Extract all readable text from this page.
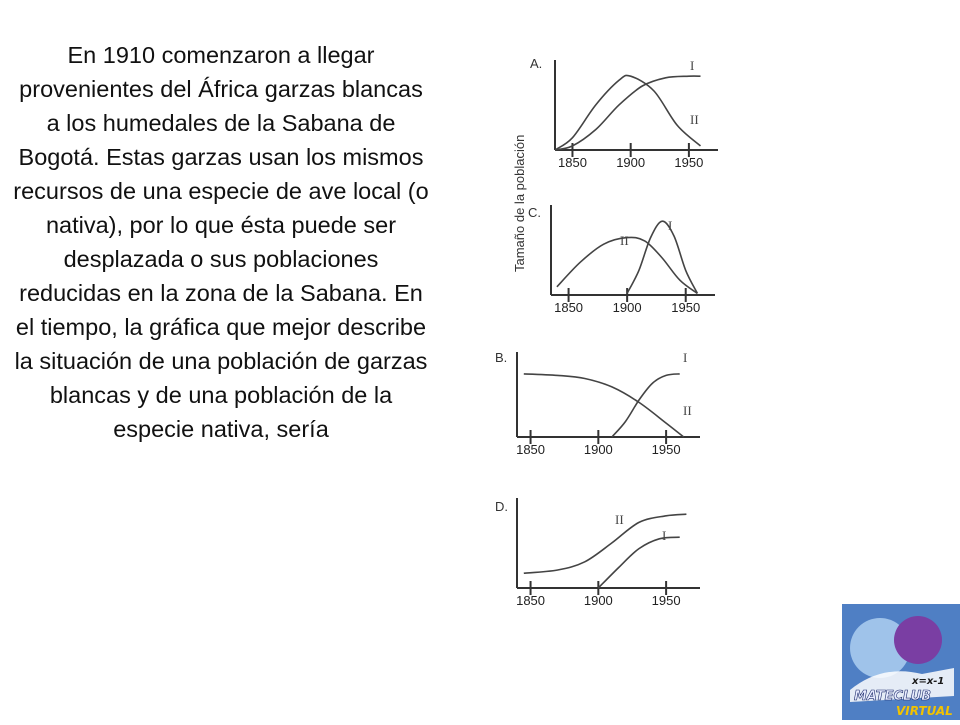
En 1910 comenzaron a llegar provenientes del África garzas blancas a los humedales de la Sabana de Bogotá. Estas garzas usan los mismos recursos de una especie de ave local (o nativa), por lo que ésta puede ser desplazada o sus poblaciones reducidas en la zona de la Sabana. En el tiempo, la gráfica que mejor describe la situación de una población de garzas blancas y de una población de la especie nativa, sería

Tamaño de la población
A.
1850 1900 1950
I
II
C.
1850 1900 1950
II
I
B.
1850	1900	1950
I
II
D.
1850	1900	1950
II
I
x=x-1
MATECLUB
VIRTUAL
